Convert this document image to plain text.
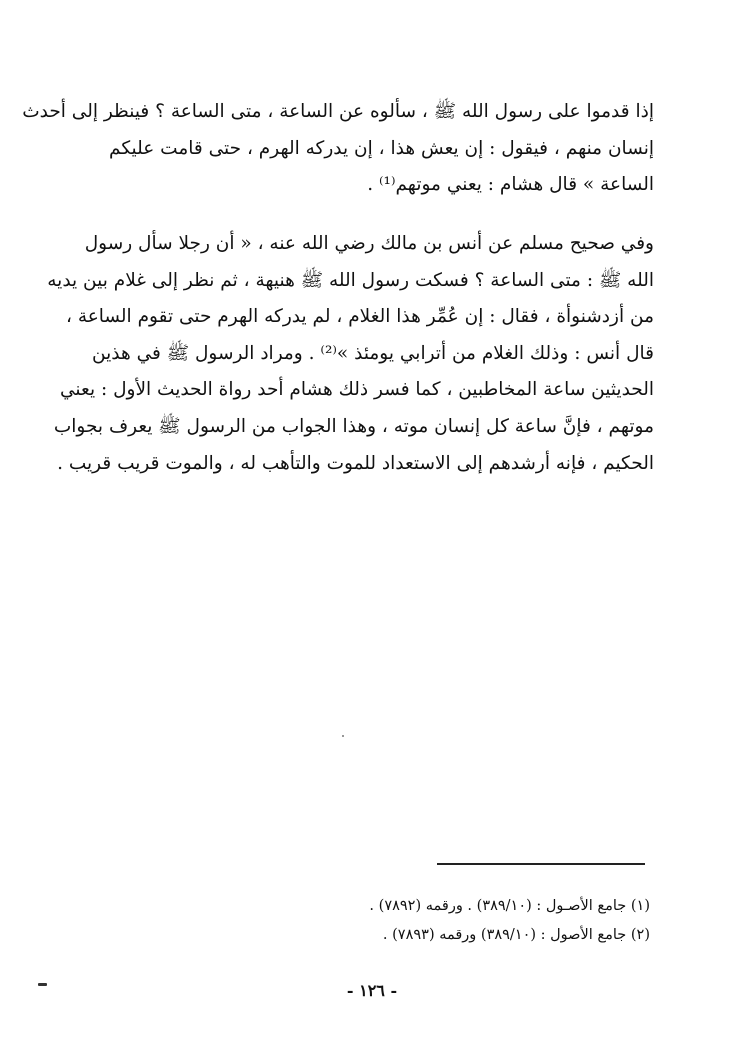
إذا قدموا على رسول الله ﷺ ، سألوه عن الساعة ، متى الساعة ؟ فينظر إلى أحدث
إنسان منهم ، فيقول : إن يعش هذا ، إن يدركه الهرم ، حتى قامت عليكم
الساعة » قال هشام : يعني موتهم⁽¹⁾ .
وفي صحيح مسلم عن أنس بن مالك رضي الله عنه ، « أن رجلا سأل رسول
الله ﷺ : متى الساعة ؟ فسكت رسول الله ﷺ هنيهة ، ثم نظر إلى غلام بين يديه
من أزدشنوأة ، فقال : إن عُمِّر هذا الغلام ، لم يدركه الهرم حتى تقوم الساعة ،
قال أنس : وذلك الغلام من أترابي يومئذ »⁽²⁾ . ومراد الرسول ﷺ في هذين
الحديثين ساعة المخاطبين ، كما فسر ذلك هشام أحد رواة الحديث الأول : يعني
موتهم ، فإنَّ ساعة كل إنسان موته ، وهذا الجواب من الرسول ﷺ يعرف بجواب
الحكيم ، فإنه أرشدهم إلى الاستعداد للموت والتأهب له ، والموت قريب قريب .
(١) جامع الأصـول : (٣٨٩/١٠) . ورقمه (٧٨٩٢) .
(٢) جامع الأصول : (٣٨٩/١٠) ورقمه (٧٨٩٣) .
- ١٢٦ -
